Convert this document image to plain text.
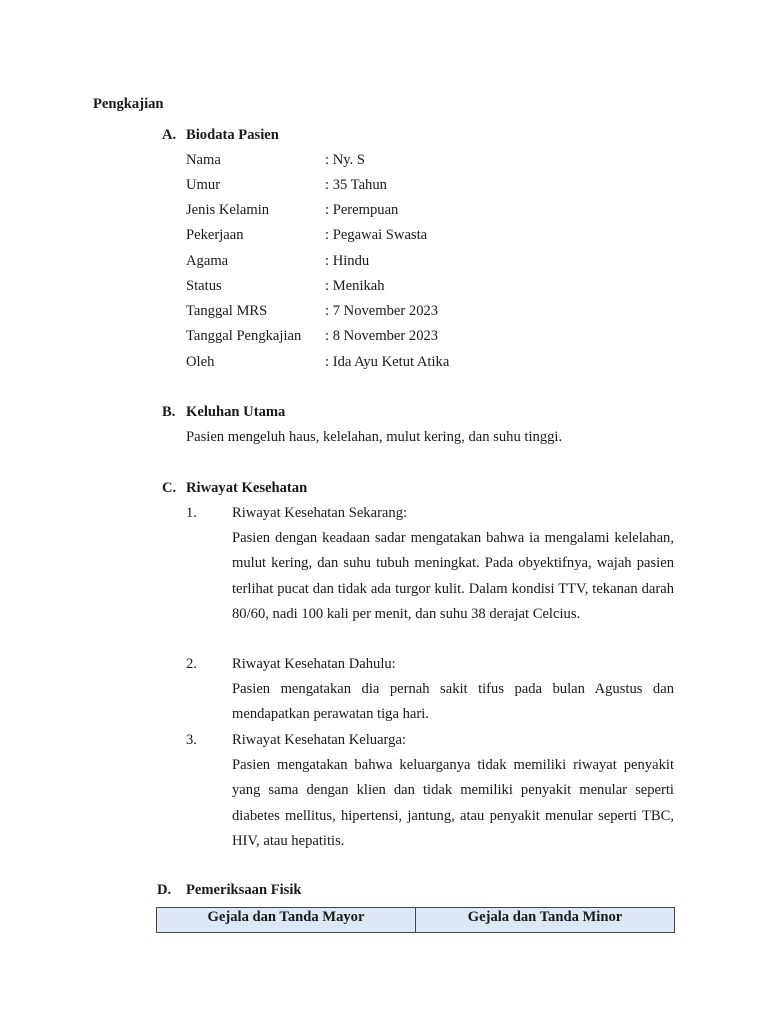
Pengkajian
A. Biodata Pasien
Nama	: Ny. S
Umur	: 35 Tahun
Jenis Kelamin	: Perempuan
Pekerjaan	: Pegawai Swasta
Agama	: Hindu
Status	: Menikah
Tanggal MRS	: 7 November 2023
Tanggal Pengkajian : 8 November 2023
Oleh	: Ida Ayu Ketut Atika
B. Keluhan Utama
Pasien mengeluh haus, kelelahan, mulut kering, dan suhu tinggi.
C. Riwayat Kesehatan
1. Riwayat Kesehatan Sekarang:
Pasien dengan keadaan sadar mengatakan bahwa ia mengalami kelelahan, mulut kering, dan suhu tubuh meningkat. Pada obyektifnya, wajah pasien terlihat pucat dan tidak ada turgor kulit. Dalam kondisi TTV, tekanan darah 80/60, nadi 100 kali per menit, dan suhu 38 derajat Celcius.
2. Riwayat Kesehatan Dahulu:
Pasien mengatakan dia pernah sakit tifus pada bulan Agustus dan mendapatkan perawatan tiga hari.
3. Riwayat Kesehatan Keluarga:
Pasien mengatakan bahwa keluarganya tidak memiliki riwayat penyakit yang sama dengan klien dan tidak memiliki penyakit menular seperti diabetes mellitus, hipertensi, jantung, atau penyakit menular seperti TBC, HIV, atau hepatitis.
D. Pemeriksaan Fisik
Gejala dan Tanda Mayor	Gejala dan Tanda Minor
